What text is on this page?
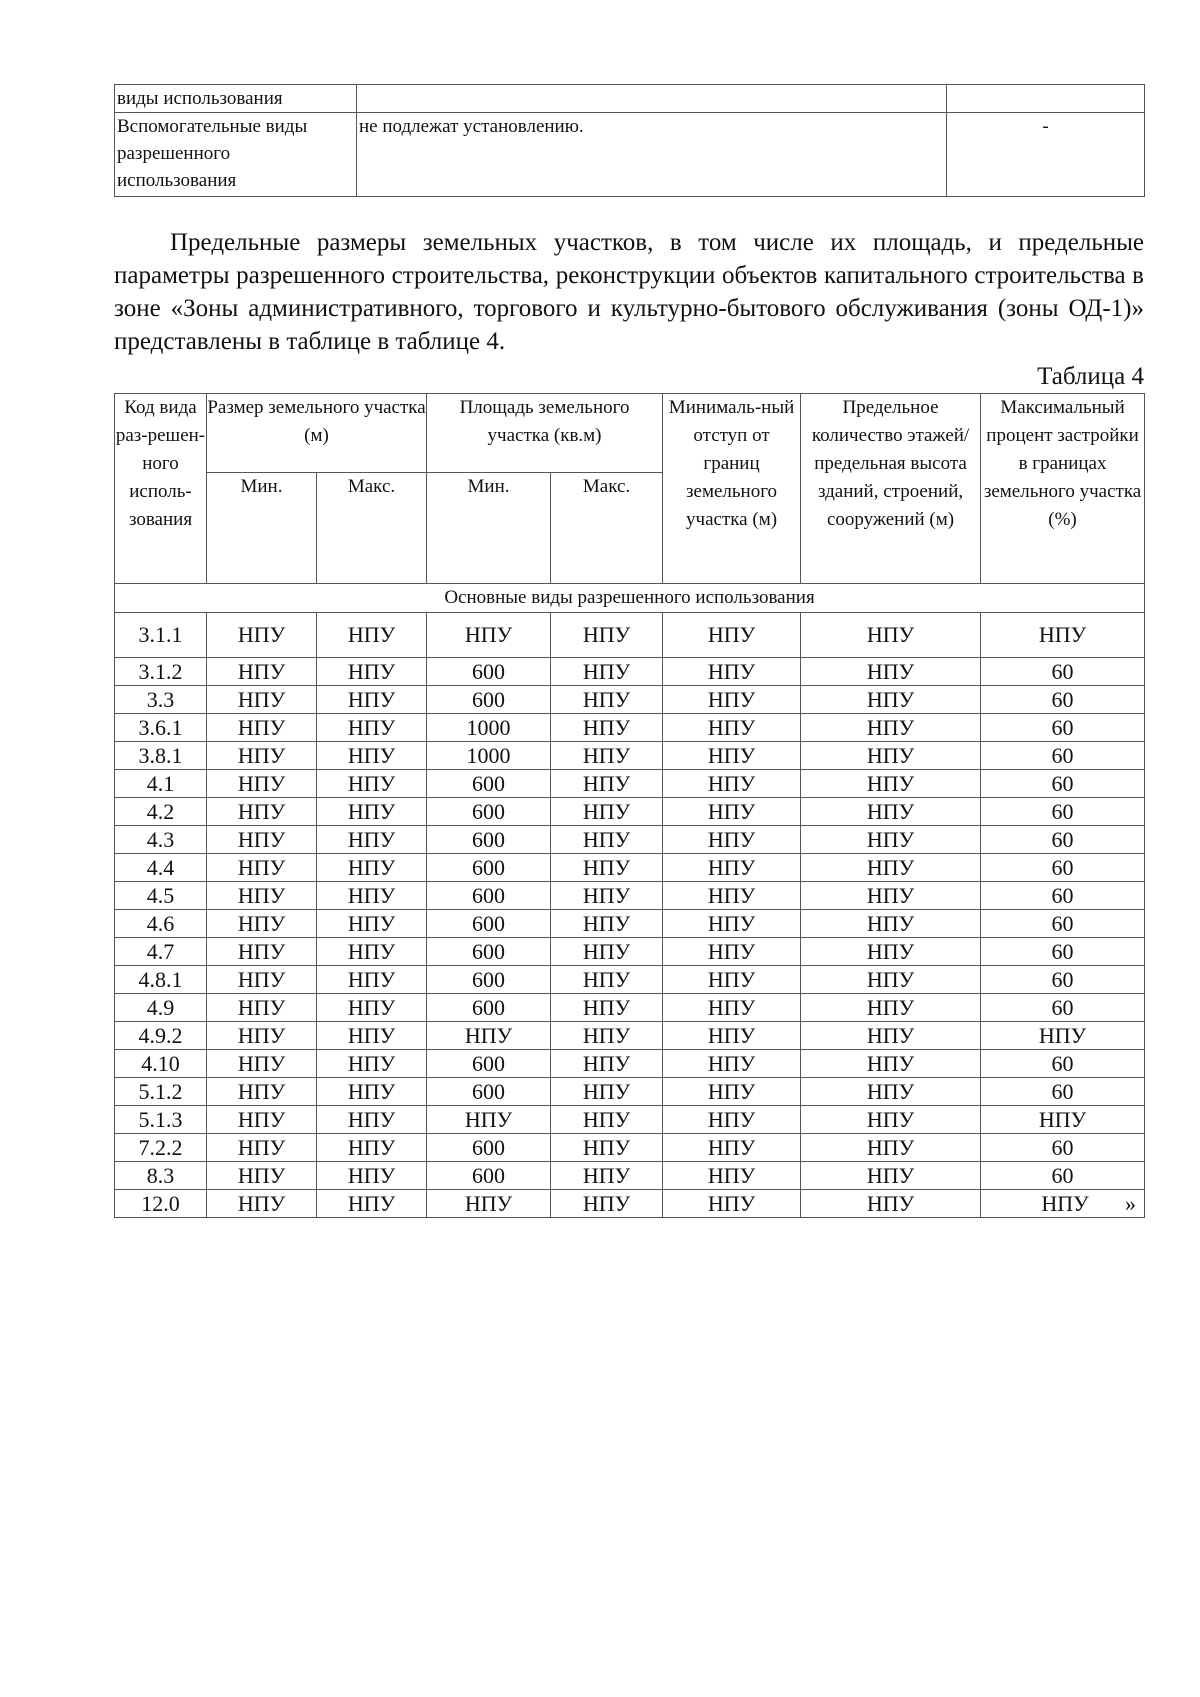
виды использования		
Вспомогательные виды разрешенного использования	не подлежат установлению.	-

Предельные размеры земельных участков, в том числе их площадь, и предельные параметры разрешенного строительства, реконструкции объектов капитального строительства в зоне «Зоны административного, торгового и культурно-бытового обслуживания (зоны ОД-1)» представлены в таблице в таблице 4.

Таблица 4
Код вида раз-решен-ного исполь-зования	Размер земельного участка (м)		Площадь земельного участка (кв.м)		Минималь-ный отступ от границ земельного участка (м)	Предельное количество этажей/ предельная высота зданий, строений, сооружений (м)	Максимальный процент застройки в границах земельного участка (%)
	Мин.	Макс.	Мин.	Макс.			
Основные виды разрешенного использования							
3.1.1	НПУ	НПУ	НПУ	НПУ	НПУ	НПУ	НПУ
3.1.2	НПУ	НПУ	600	НПУ	НПУ	НПУ	60
3.3	НПУ	НПУ	600	НПУ	НПУ	НПУ	60
3.6.1	НПУ	НПУ	1000	НПУ	НПУ	НПУ	60
3.8.1	НПУ	НПУ	1000	НПУ	НПУ	НПУ	60
4.1	НПУ	НПУ	600	НПУ	НПУ	НПУ	60
4.2	НПУ	НПУ	600	НПУ	НПУ	НПУ	60
4.3	НПУ	НПУ	600	НПУ	НПУ	НПУ	60
4.4	НПУ	НПУ	600	НПУ	НПУ	НПУ	60
4.5	НПУ	НПУ	600	НПУ	НПУ	НПУ	60
4.6	НПУ	НПУ	600	НПУ	НПУ	НПУ	60
4.7	НПУ	НПУ	600	НПУ	НПУ	НПУ	60
4.8.1	НПУ	НПУ	600	НПУ	НПУ	НПУ	60
4.9	НПУ	НПУ	600	НПУ	НПУ	НПУ	60
4.9.2	НПУ	НПУ	НПУ	НПУ	НПУ	НПУ	НПУ
4.10	НПУ	НПУ	600	НПУ	НПУ	НПУ	60
5.1.2	НПУ	НПУ	600	НПУ	НПУ	НПУ	60
5.1.3	НПУ	НПУ	НПУ	НПУ	НПУ	НПУ	НПУ
7.2.2	НПУ	НПУ	600	НПУ	НПУ	НПУ	60
8.3	НПУ	НПУ	600	НПУ	НПУ	НПУ	60
12.0	НПУ	НПУ	НПУ	НПУ	НПУ	НПУ	НПУ »
